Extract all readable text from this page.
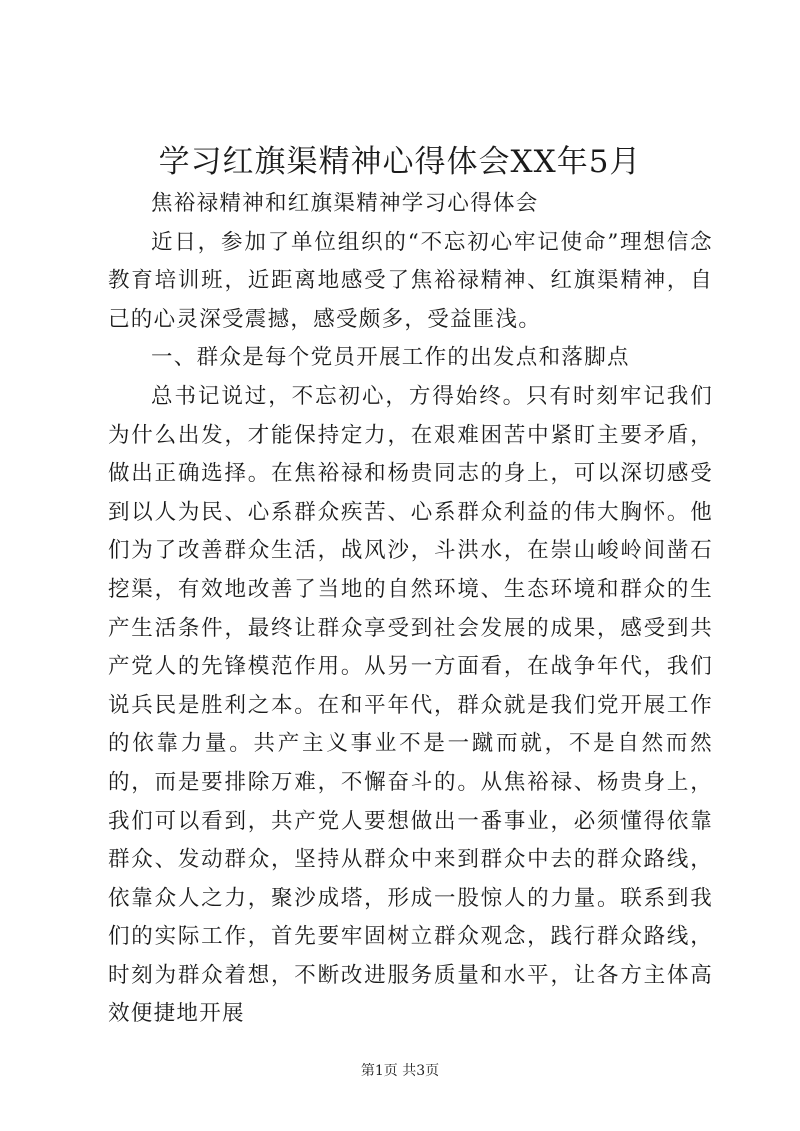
学习红旗渠精神心得体会XX年5月

焦裕禄精神和红旗渠精神学习心得体会

近日，参加了单位组织的“不忘初心牢记使命”理想信念教育培训班，近距离地感受了焦裕禄精神、红旗渠精神，自己的心灵深受震撼，感受颇多，受益匪浅。

一、群众是每个党员开展工作的出发点和落脚点

总书记说过，不忘初心，方得始终。只有时刻牢记我们为什么出发，才能保持定力，在艰难困苦中紧盯主要矛盾，做出正确选择。在焦裕禄和杨贵同志的身上，可以深切感受到以人为民、心系群众疾苦、心系群众利益的伟大胸怀。他们为了改善群众生活，战风沙，斗洪水，在崇山峻岭间凿石挖渠，有效地改善了当地的自然环境、生态环境和群众的生产生活条件，最终让群众享受到社会发展的成果，感受到共产党人的先锋模范作用。从另一方面看，在战争年代，我们说兵民是胜利之本。在和平年代，群众就是我们党开展工作的依靠力量。共产主义事业不是一蹴而就，不是自然而然的，而是要排除万难，不懈奋斗的。从焦裕禄、杨贵身上，我们可以看到，共产党人要想做出一番事业，必须懂得依靠群众、发动群众，坚持从群众中来到群众中去的群众路线，依靠众人之力，聚沙成塔，形成一股惊人的力量。联系到我们的实际工作，首先要牢固树立群众观念，践行群众路线，时刻为群众着想，不断改进服务质量和水平，让各方主体高效便捷地开展

第1页 共3页
